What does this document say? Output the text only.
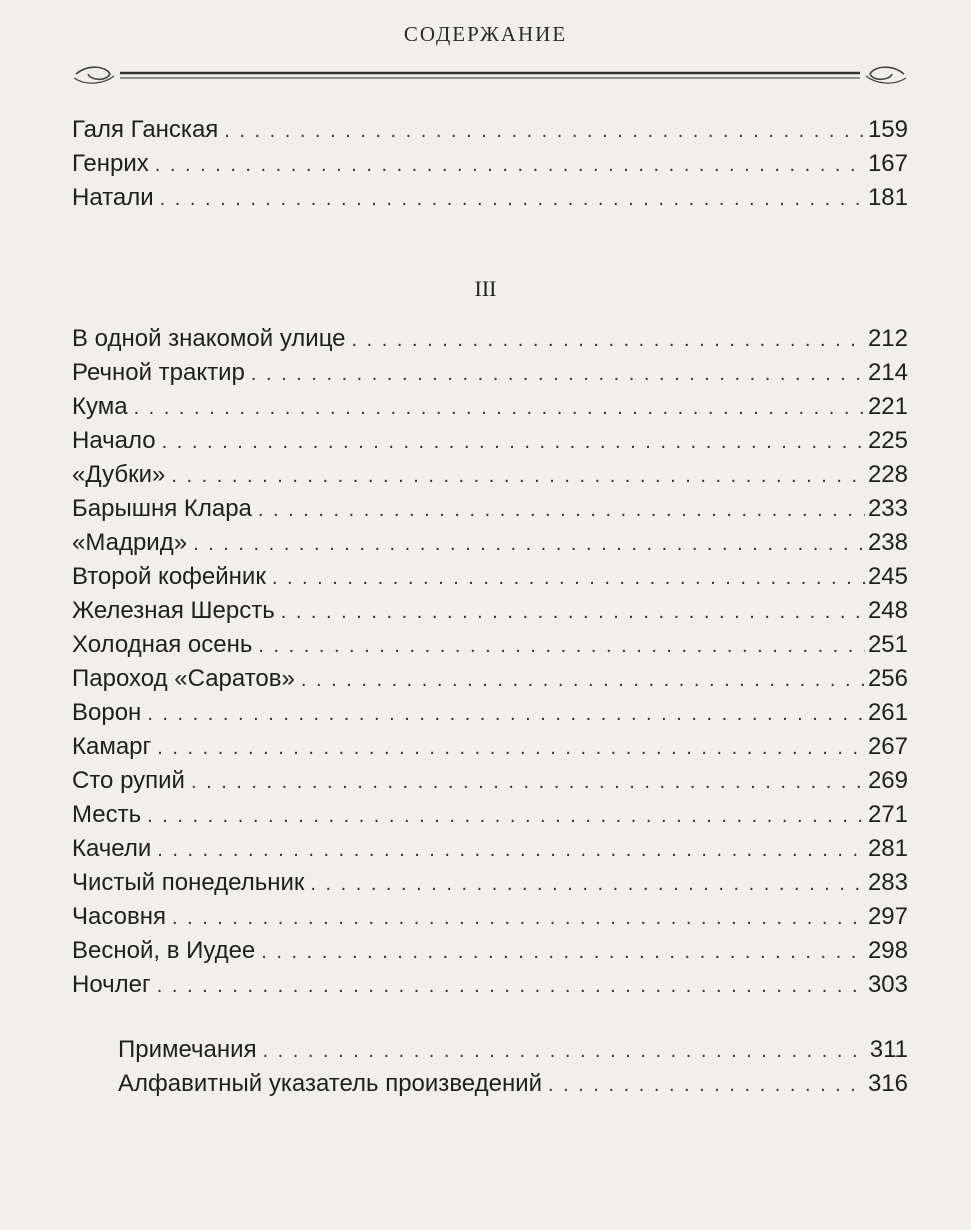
СОДЕРЖАНИЕ
Галя Ганская . . .	159
Генрих . . .	167
Натали . . .	181
III
В одной знакомой улице . . .	212
Речной трактир . . .	214
Кума . . .	221
Начало . . .	225
«Дубки» . . .	228
Барышня Клара . . .	233
«Мадрид» . . .	238
Второй кофейник . . .	245
Железная Шерсть . . .	248
Холодная осень . . .	251
Пароход «Саратов» . . .	256
Ворон . . .	261
Камарг . . .	267
Сто рупий . . .	269
Месть . . .	271
Качели . . .	281
Чистый понедельник . . .	283
Часовня . . .	297
Весной, в Иудее . . .	298
Ночлег . . .	303
Примечания . . .	311
Алфавитный указатель произведений . . .	316
